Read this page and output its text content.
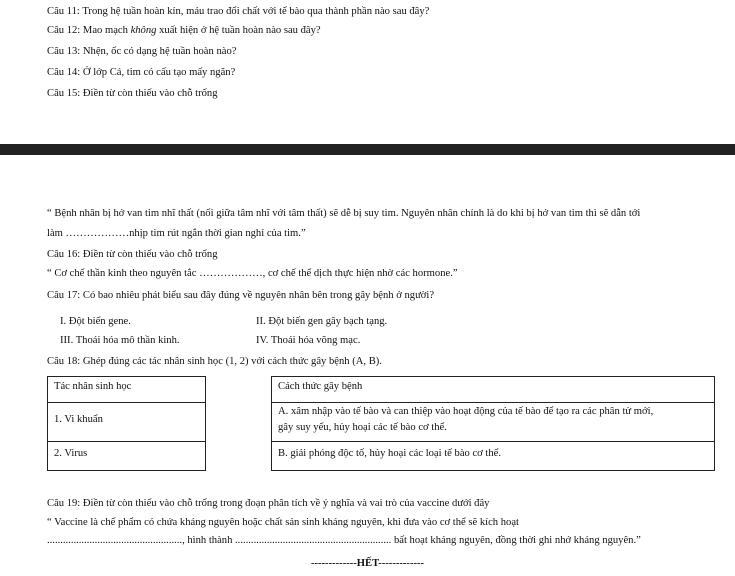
Câu 11: Trong hệ tuần hoàn kín, máu trao đổi chất với tế bào qua thành phần nào sau đây?
Câu 12: Mao mạch không xuất hiện ở hệ tuần hoàn nào sau đây?
Câu 13: Nhện, ốc có dạng hệ tuần hoàn nào?
Câu 14: Ở lớp Cá, tim có cấu tạo mấy ngăn?
Câu 15: Điền từ còn thiếu vào chỗ trống
“ Bệnh nhân bị hở van tim nhĩ thất (nối giữa tâm nhĩ với tâm thất) sẽ dễ bị suy tim. Nguyên nhân chính là do khi bị hở van tim thì sẽ dẫn tới
làm ………………nhịp tim rút ngắn thời gian nghỉ của tim.”
Câu 16: Điền từ còn thiếu vào chỗ trống
“ Cơ chế thần kinh theo nguyên tắc ………………, cơ chế thể dịch thực hiện nhờ các hormone.”
Câu 17: Có bao nhiêu phát biểu sau đây đúng về nguyên nhân bên trong gây bệnh ở người?
I. Đột biến gene.	II. Đột biến gen gây bạch tạng.
III. Thoái hóa mô thần kinh.	IV. Thoái hóa võng mạc.
Câu 18: Ghép đúng các tác nhân sinh học (1, 2) với cách thức gây bệnh (A, B).
Tác nhân sinh học
1. Vi khuẩn
2. Virus
Cách thức gây bệnh
A. xâm nhập vào tế bào và can thiệp vào hoạt động của tế bào để tạo ra các phân tử mới,
gây suy yếu, hủy hoại các tế bào cơ thể.
B. giải phóng độc tố, hủy hoại các loại tế bào cơ thể.
Câu 19: Điền từ còn thiếu vào chỗ trống trong đoạn phân tích về ý nghĩa và vai trò của vaccine dưới đây
“ Vaccine là chế phẩm có chứa kháng nguyên hoặc chất sản sinh kháng nguyên, khi đưa vào cơ thể sẽ kích hoạt
..................................................., hình thành ........................................................... bất hoạt kháng nguyên, đồng thời ghi nhớ kháng nguyên.”
-------------HẾT-------------
